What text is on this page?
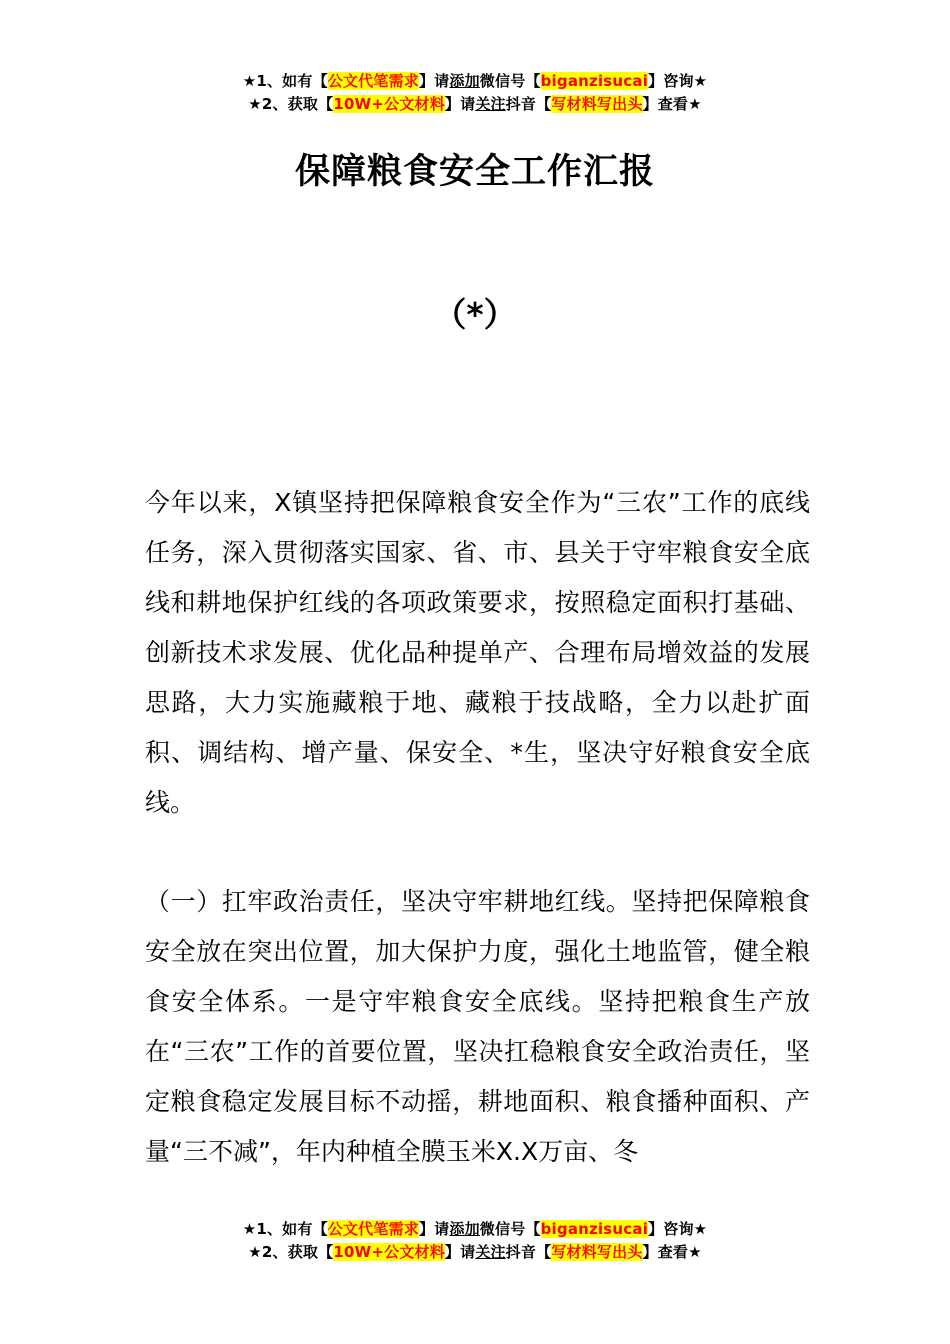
★1、如有【公文代笔需求】请添加微信号【biganzisucai】咨询★
★2、获取【10W+公文材料】请关注抖音【写材料写出头】查看★
保障粮食安全工作汇报
（*）

今年以来，X镇坚持把保障粮食安全作为“三农”工作的底线任务，深入贯彻落实国家、省、市、县关于守牢粮食安全底线和耕地保护红线的各项政策要求，按照稳定面积打基础、创新技术求发展、优化品种提单产、合理布局增效益的发展思路，大力实施藏粮于地、藏粮于技战略，全力以赴扩面积、调结构、增产量、保安全、*生，坚决守好粮食安全底线。

（一）扛牢政治责任，坚决守牢耕地红线。坚持把保障粮食安全放在突出位置，加大保护力度，强化土地监管，健全粮食安全体系。一是守牢粮食安全底线。坚持把粮食生产放在“三农”工作的首要位置，坚决扛稳粮食安全政治责任，坚定粮食稳定发展目标不动摇，耕地面积、粮食播种面积、产量“三不减”，年内种植全膜玉米X.X万亩、冬

★1、如有【公文代笔需求】请添加微信号【biganzisucai】咨询★
★2、获取【10W+公文材料】请关注抖音【写材料写出头】查看★
